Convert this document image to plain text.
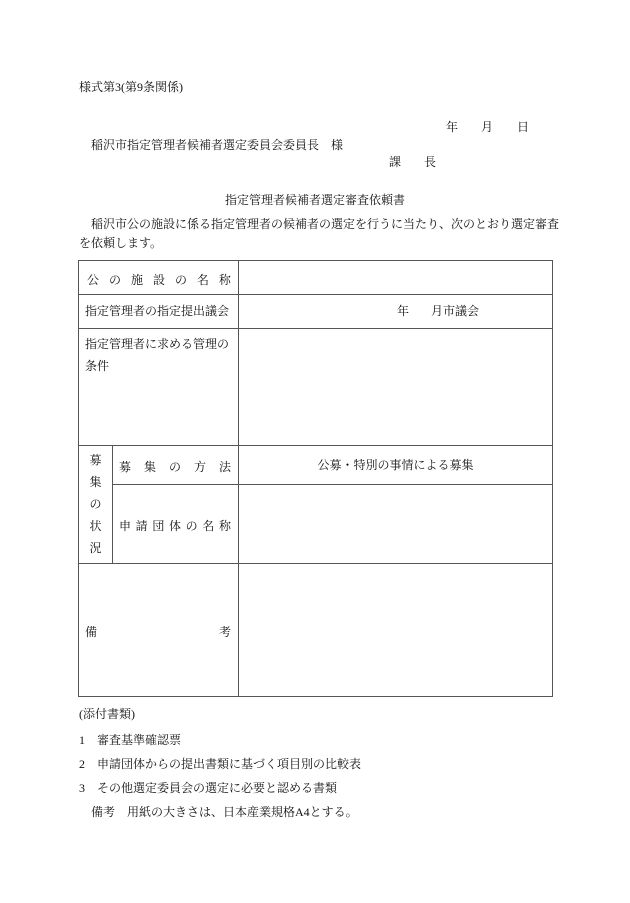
様式第3(第9条関係)
年 月 日
稲沢市指定管理者候補者選定委員会委員長　様
課 長
指定管理者候補者選定審査依頼書
稲沢市公の施設に係る指定管理者の候補者の選定を行うに当たり、次のとおり選定審査
を依頼します。
公 の 施 設 の 名 称
指定管理者の指定提出議会	年 月市議会
指定管理者に求める管理の
条件
募
集
の
状
況
募 集 の 方 法	公募・特別の事情による募集
申 請 団 体 の 名 称
備	考
(添付書類)
1 審査基準確認票
2 申請団体からの提出書類に基づく項目別の比較表
3 その他選定委員会の選定に必要と認める書類
備考　用紙の大きさは、日本産業規格A4とする。
